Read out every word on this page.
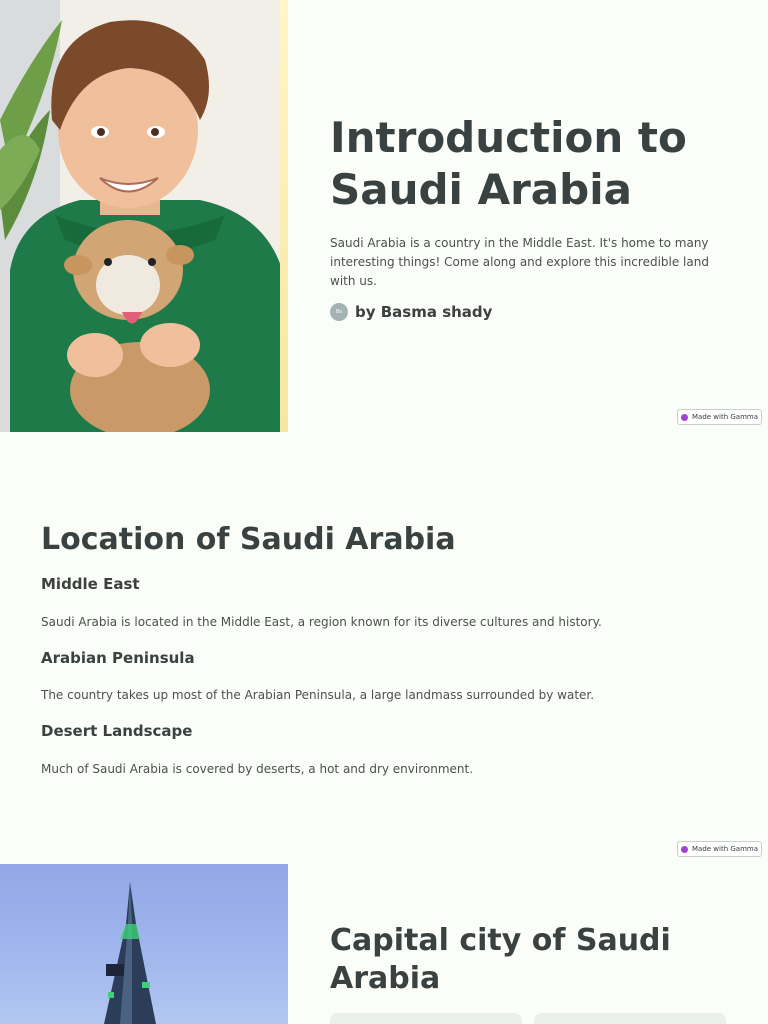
Introduction to Saudi Arabia

Saudi Arabia is a country in the Middle East. It's home to many interesting things! Come along and explore this incredible land with us.

Bs by Basma shady
Made with Gamma
Location of Saudi Arabia
Middle East

Saudi Arabia is located in the Middle East, a region known for its diverse cultures and history.

Arabian Peninsula

The country takes up most of the Arabian Peninsula, a large landmass surrounded by water.

Desert Landscape

Much of Saudi Arabia is covered by deserts, a hot and dry environment.

Made with Gamma
Capital city of Saudi Arabia
